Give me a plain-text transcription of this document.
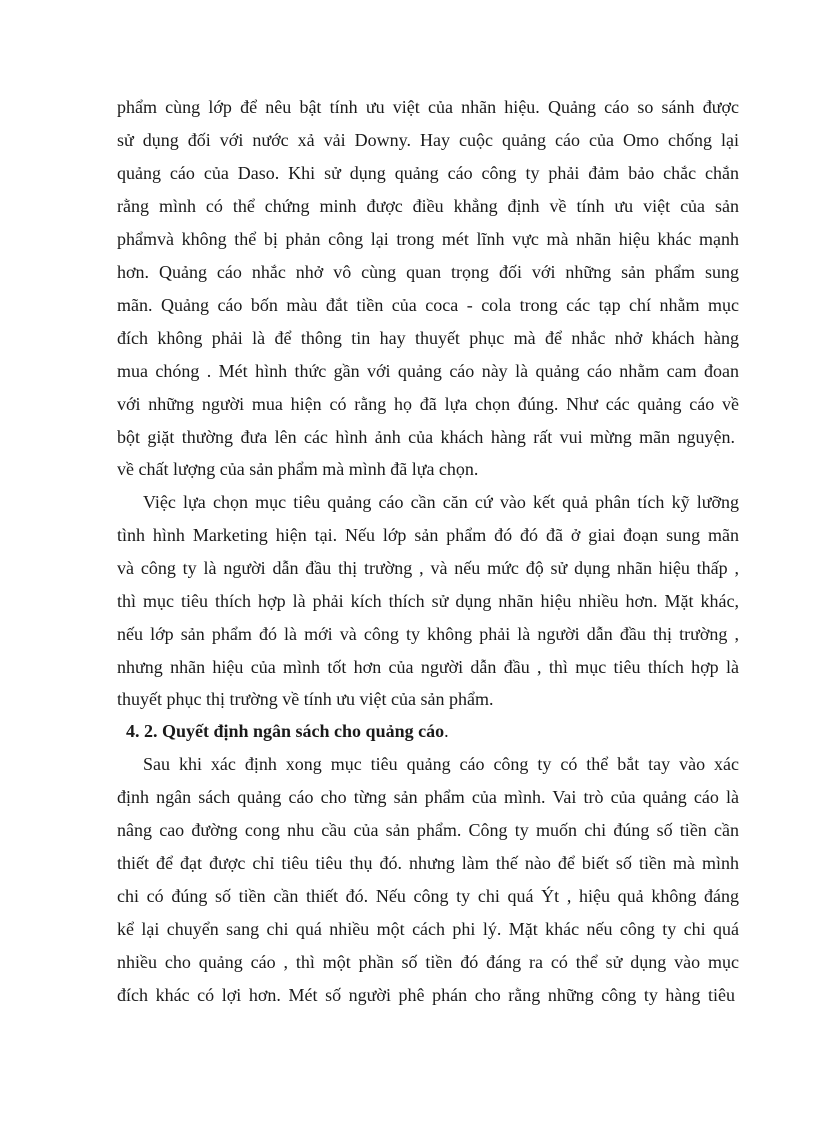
phẩm cùng lớp để nêu bật tính ưu việt của nhãn hiệu. Quảng cáo so sánh được
sử dụng đối với nước xả vải Downy. Hay cuộc quảng cáo của Omo chống lại
quảng cáo của Daso. Khi sử dụng quảng cáo công ty phải đảm bảo chắc chắn
rằng mình có thể chứng minh được điều khẳng định về tính ưu việt của sản
phẩmvà không thể bị phản công lại trong mét lĩnh vực mà nhãn hiệu khác mạnh
hơn. Quảng cáo nhắc nhở vô cùng quan trọng đối với những sản phẩm sung
mãn. Quảng cáo bốn màu đắt tiền của coca - cola trong các tạp chí nhằm mục
đích không phải là để thông tin hay thuyết phục mà để nhắc nhở khách hàng
mua chóng . Mét hình thức gần với quảng cáo này là quảng cáo nhằm cam đoan
với những người mua hiện có rằng họ đã lựa chọn đúng. Như các quảng cáo về
bột giặt thường đưa lên các hình ảnh của khách hàng rất vui mừng mãn nguyện.
về chất lượng của sản phẩm mà mình đã lựa chọn.
Việc lựa chọn mục tiêu quảng cáo cần căn cứ vào kết quả phân tích kỹ lưỡng
tình hình Marketing hiện tại. Nếu lớp sản phẩm đó đó đã ở giai đoạn sung mãn
và công ty là người dẫn đầu thị trường , và nếu mức độ sử dụng nhãn hiệu thấp ,
thì mục tiêu thích hợp là phải kích thích sử dụng nhãn hiệu nhiều hơn. Mặt khác,
nếu lớp sản phẩm đó là mới và công ty không phải là người dẫn đầu thị trường ,
nhưng nhãn hiệu của mình tốt hơn của người dẫn đầu , thì mục tiêu thích hợp là
thuyết phục thị trường về tính ưu việt của sản phẩm.
4. 2. Quyết định ngân sách cho quảng cáo.
Sau khi xác định xong mục tiêu quảng cáo công ty có thể bắt tay vào xác
định ngân sách quảng cáo cho từng sản phẩm của mình. Vai trò của quảng cáo là
nâng cao đường cong nhu cầu của sản phẩm. Công ty muốn chi đúng số tiền cần
thiết để đạt được chỉ tiêu tiêu thụ đó. nhưng làm thế nào để biết số tiền mà mình
chi có đúng số tiền cần thiết đó. Nếu công ty chi quá Ýt , hiệu quả không đáng
kể lại chuyển sang chi quá nhiều một cách phi lý. Mặt khác nếu công ty chi quá
nhiều cho quảng cáo , thì một phần số tiền đó đáng ra có thể sử dụng vào mục
đích khác có lợi hơn. Mét số người phê phán cho rằng những công ty hàng tiêu
